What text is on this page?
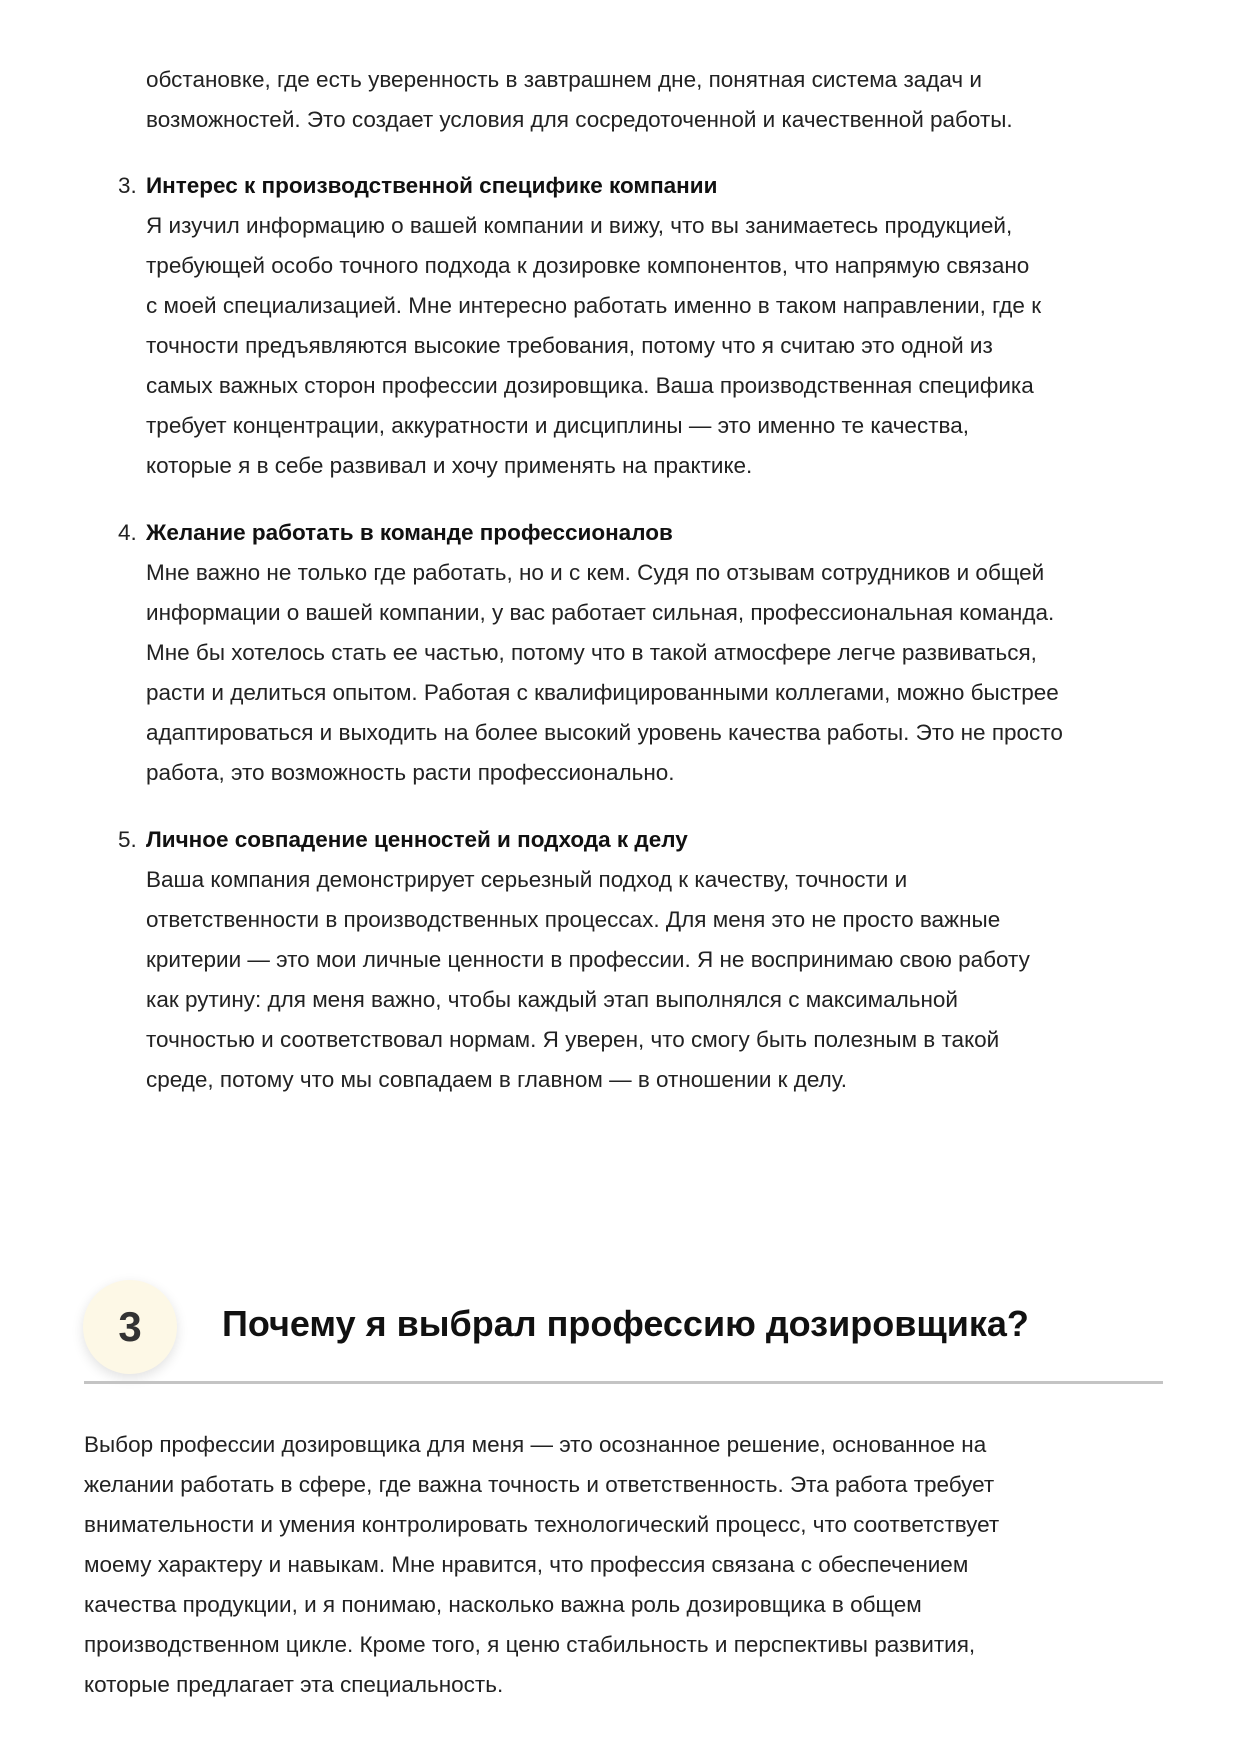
обстановке, где есть уверенность в завтрашнем дне, понятная система задач и
возможностей. Это создает условия для сосредоточенной и качественной работы.
3. Интерес к производственной специфике компании
Я изучил информацию о вашей компании и вижу, что вы занимаетесь продукцией,
требующей особо точного подхода к дозировке компонентов, что напрямую связано
с моей специализацией. Мне интересно работать именно в таком направлении, где к
точности предъявляются высокие требования, потому что я считаю это одной из
самых важных сторон профессии дозировщика. Ваша производственная специфика
требует концентрации, аккуратности и дисциплины — это именно те качества,
которые я в себе развивал и хочу применять на практике.
4. Желание работать в команде профессионалов
Мне важно не только где работать, но и с кем. Судя по отзывам сотрудников и общей
информации о вашей компании, у вас работает сильная, профессиональная команда.
Мне бы хотелось стать ее частью, потому что в такой атмосфере легче развиваться,
расти и делиться опытом. Работая с квалифицированными коллегами, можно быстрее
адаптироваться и выходить на более высокий уровень качества работы. Это не просто
работа, это возможность расти профессионально.
5. Личное совпадение ценностей и подхода к делу
Ваша компания демонстрирует серьезный подход к качеству, точности и
ответственности в производственных процессах. Для меня это не просто важные
критерии — это мои личные ценности в профессии. Я не воспринимаю свою работу
как рутину: для меня важно, чтобы каждый этап выполнялся с максимальной
точностью и соответствовал нормам. Я уверен, что смогу быть полезным в такой
среде, потому что мы совпадаем в главном — в отношении к делу.
3	Почему я выбрал профессию дозировщика?
Выбор профессии дозировщика для меня — это осознанное решение, основанное на
желании работать в сфере, где важна точность и ответственность. Эта работа требует
внимательности и умения контролировать технологический процесс, что соответствует
моему характеру и навыкам. Мне нравится, что профессия связана с обеспечением
качества продукции, и я понимаю, насколько важна роль дозировщика в общем
производственном цикле. Кроме того, я ценю стабильность и перспективы развития,
которые предлагает эта специальность.
